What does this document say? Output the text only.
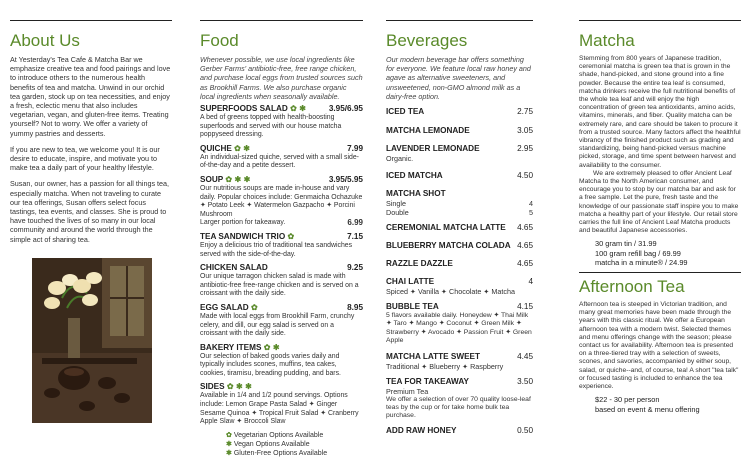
About Us

At Yesterday's Tea Cafe & Matcha Bar we emphasize creative tea and food pairings and love to introduce others to the numerous health benefits of tea and matcha. Unwind in our orchid tea garden, stock up on tea necessities, and enjoy a fresh, eclectic menu that also includes vegetarian, vegan, and gluten-free items. Treating yourself? Not to worry. We offer a variety of yummy pastries and desserts.

If you are new to tea, we welcome you! It is our desire to educate, inspire, and motivate you to make tea a daily part of your healthy lifestyle.

Susan, our owner, has a passion for all things tea, especially matcha. When not traveling to curate our tea offerings, Susan offers select focus tastings, tea events, and classes. She is proud to have touched the lives of so many in our local community and around the world through the simple act of sharing tea.

Food

Whenever possible, we use local ingredients like Gerber Farms' antibiotic-free, free range chicken, and purchase local eggs from trusted sources such as Brookhill Farms. We also purchase organic local ingredients when seasonally available.

SUPERFOODS SALAD ✿ ✱	3.95/6.95
A bed of greens topped with health-boosting superfoods and served with our house matcha poppyseed dressing.
QUICHE ✿ ✱	7.99
An individual-sized quiche, served with a small side-of-the-day and a petite dessert.
SOUP ✿ ✱ ✱	3.95/5.95
Our nutritious soups are made in-house and vary daily. Popular choices include: Genmaicha Ochazuke ✦ Potato Leek ✦ Watermelon Gazpacho ✦ Porcini Mushroom
Larger portion for takeaway.	6.99
TEA SANDWICH TRIO ✿	7.15
Enjoy a delicious trio of traditional tea sandwiches served with the side-of-the-day.
CHICKEN SALAD	9.25
Our unique tarragon chicken salad is made with antibiotic-free free-range chicken and is served on a croissant with the daily side.
EGG SALAD ✿	8.95
Made with local eggs from Brookhill Farm, crunchy celery, and dill, our egg salad is served on a croissant with the daily side.
BAKERY ITEMS ✿ ✱
Our selection of baked goods varies daily and typically includes scones, muffins, tea cakes, cookies, tiramisu, breading pudding, and bars.
SIDES ✿ ✱ ✱
Available in 1/4 and 1/2 pound servings. Options include: Lemon Grape Pasta Salad ✦ Ginger Sesame Quinoa ✦ Tropical Fruit Salad ✦ Cranberry Apple Slaw ✦ Broccoli Slaw
✿ Vegetarian Options Available
✱ Vegan Options Available
✱ Gluten-Free Options Available
Beverages

Our modern beverage bar offers something for everyone. We feature local raw honey and agave as alternative sweeteners, and unsweetened, non-GMO almond milk as a dairy-free option.

ICED TEA	2.75
MATCHA LEMONADE	3.05
LAVENDER LEMONADE	2.95
Organic.
ICED MATCHA	4.50
MATCHA SHOT
Single	4
Double	5
CEREMONIAL MATCHA LATTE 4.65
BLUEBERRY MATCHA COLADA 4.65
RAZZLE DAZZLE	4.65
CHAI LATTE	4
Spiced ✦ Vanilla ✦ Chocolate ✦ Matcha
BUBBLE TEA	4.15
5 flavors available daily. Honeydew ✦ Thai Milk ✦ Taro ✦ Mango ✦ Coconut ✦ Green Milk ✦ Strawberry ✦ Avocado ✦ Passion Fruit ✦ Green Apple
MATCHA LATTE SWEET	4.45
Traditional ✦ Blueberry ✦ Raspberry
TEA FOR TAKEAWAY	3.50
Premium Tea
We offer a selection of over 70 quality loose-leaf teas by the cup or for take home bulk tea purchase.
ADD RAW HONEY	0.50
Matcha

Stemming from 800 years of Japanese tradition, ceremonial matcha is green tea that is grown in the shade, hand-picked, and stone ground into a fine powder. Because the entire tea leaf is consumed, matcha drinkers receive the full nutritional benefits of the whole tea leaf and will enjoy the high concentration of green tea antioxidants, amino acids, vitamins, minerals, and fiber. Quality matcha can be extremely rare, and care should be taken to procure it from a trusted source. Many factors affect the healthful vibrancy of the finished product such as grading and standardizing, being hand-picked versus machine picked, storage, and time spent between harvest and availability to the consumer.

We are extremely pleased to offer Ancient Leaf Matcha to the North American consumer, and encourage you to stop by our matcha bar and ask for a free sample. Let the pure, fresh taste and the knowledge of our passionate staff inspire you to make matcha a healthy part of your lifestyle. Our retail store carries the full line of Ancient Leaf Matcha products and beautiful Japanese accessories.

30 gram tin / 31.99
100 gram refill bag / 69.99
matcha in a minute® / 24.99
Afternoon Tea

Afternoon tea is steeped in Victorian tradition, and many great memories have been made through the years with this classic ritual. We offer a European afternoon tea with a modern twist. Selected themes and menu offerings change with the season; please contact us for availability. Afternoon tea is presented on a three-tiered tray with a selection of sweets, scones, and savories, accompanied by either soup, salad, or quiche--and, of course, tea! A short "tea talk" or focused tasting is included to enhance the tea experience.

$22 - 30 per person
based on event & menu offering
